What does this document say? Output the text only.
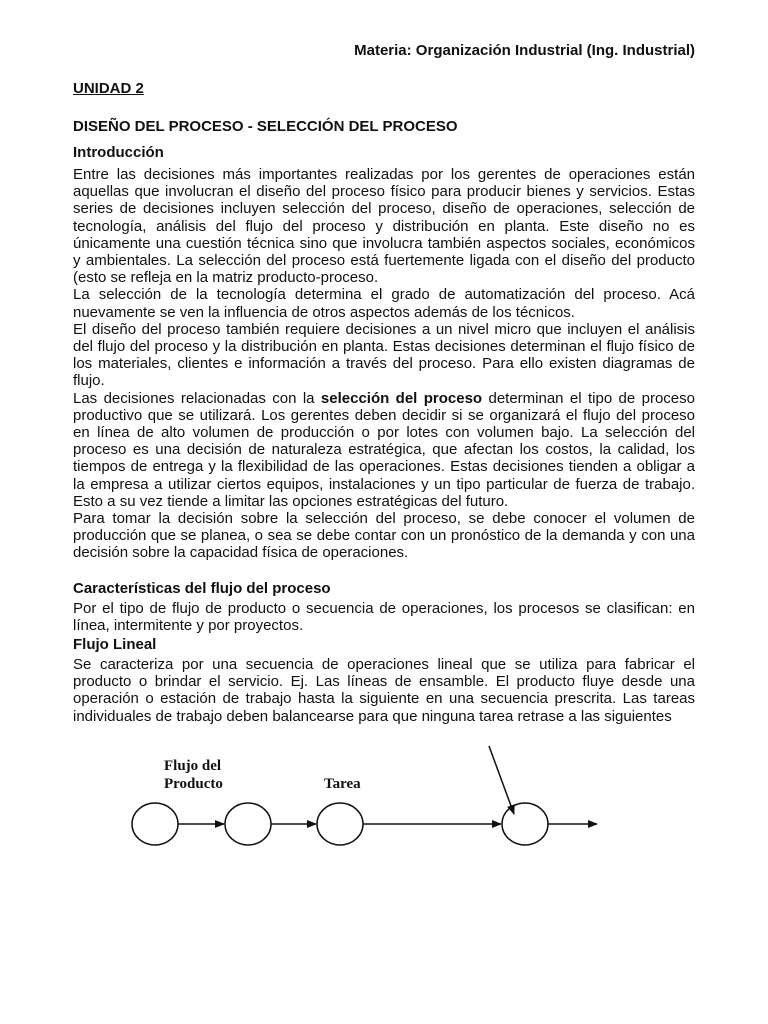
Materia: Organización Industrial (Ing. Industrial)
UNIDAD 2
DISEÑO DEL PROCESO - SELECCIÓN DEL PROCESO
Introducción

Entre las decisiones más importantes realizadas por los gerentes de operaciones están aquellas que involucran el diseño del proceso físico para producir bienes y servicios. Estas series de decisiones incluyen selección del proceso, diseño de operaciones, selección de tecnología, análisis del flujo del proceso y distribución en planta. Este diseño no es únicamente una cuestión técnica sino que involucra también aspectos sociales, económicos y ambientales. La selección del proceso está fuertemente ligada con el diseño del producto (esto se refleja en la matriz producto-proceso.

La selección de la tecnología determina el grado de automatización del proceso. Acá nuevamente se ven la influencia de otros aspectos además de los técnicos.

El diseño del proceso también requiere decisiones a un nivel micro que incluyen el análisis del flujo del proceso y la distribución en planta. Estas decisiones determinan el flujo físico de los materiales, clientes e información a través del proceso. Para ello existen diagramas de flujo.

Las decisiones relacionadas con la selección del proceso determinan el tipo de proceso productivo que se utilizará. Los gerentes deben decidir si se organizará el flujo del proceso en línea de alto volumen de producción o por lotes con volumen bajo. La selección del proceso es una decisión de naturaleza estratégica, que afectan los costos, la calidad, los tiempos de entrega y la flexibilidad de las operaciones. Estas decisiones tienden a obligar a la empresa a utilizar ciertos equipos, instalaciones y un tipo particular de fuerza de trabajo. Esto a su vez tiende a limitar las opciones estratégicas del futuro.

Para tomar la decisión sobre la selección del proceso, se debe conocer el volumen de producción que se planea, o sea se debe contar con un pronóstico de la demanda y con una decisión sobre la capacidad física de operaciones.

Características del flujo del proceso

Por el tipo de flujo de producto o secuencia de operaciones, los procesos se clasifican: en línea, intermitente y por proyectos.

Flujo Lineal

Se caracteriza por una secuencia de operaciones lineal que se utiliza para fabricar el producto o brindar el servicio. Ej. Las líneas de ensamble. El producto fluye desde una operación o estación de trabajo hasta la siguiente en una secuencia prescrita. Las tareas individuales de trabajo deben balancearse para que ninguna tarea retrase a las siguientes

Flujo del
Producto	Tarea
